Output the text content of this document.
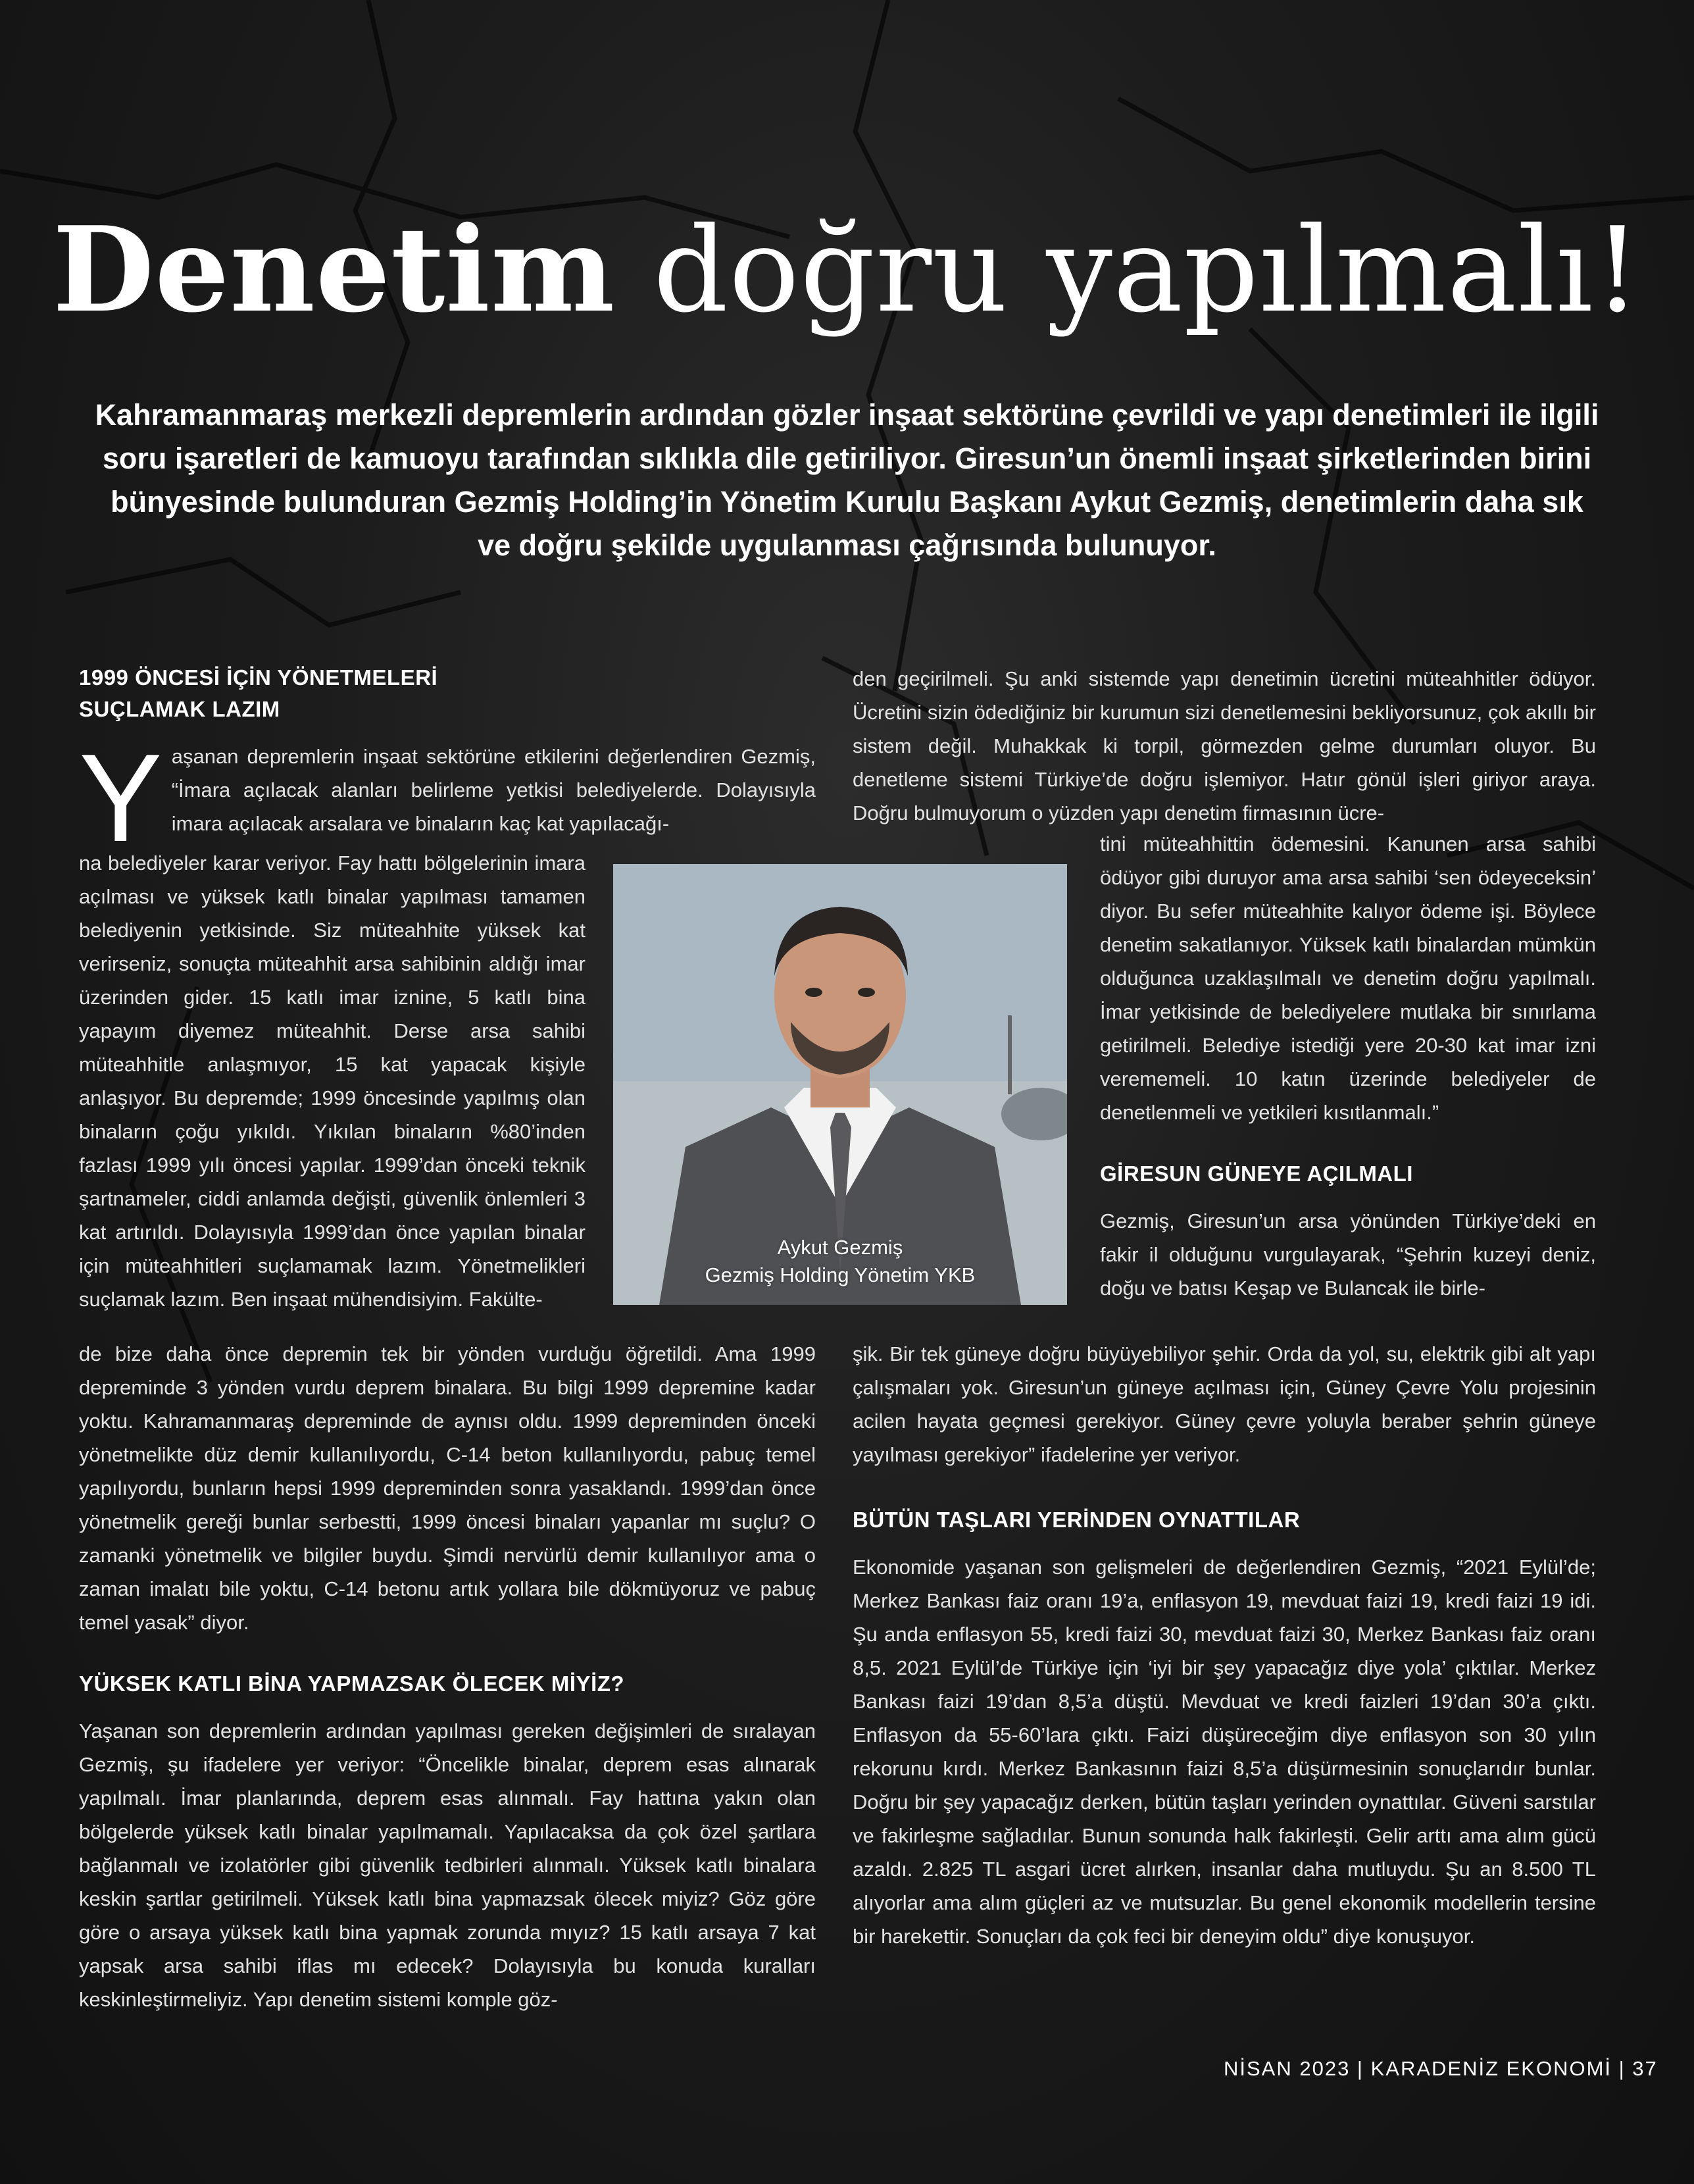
Denetim doğru yapılmalı!
Kahramanmaraş merkezli depremlerin ardından gözler inşaat sektörüne çevrildi ve yapı denetimleri ile ilgili soru işaretleri de kamuoyu tarafından sıklıkla dile getiriliyor. Giresun’un önemli inşaat şirketlerinden birini bünyesinde bulunduran Gezmiş Holding’in Yönetim Kurulu Başkanı Aykut Gezmiş, denetimlerin daha sık ve doğru şekilde uygulanması çağrısında bulunuyor.

1999 ÖNCESİ İÇİN YÖNETMELERİ

SUÇLAMAK LAZIM

Y aşanan depremlerin inşaat sektörüne etkilerini değerlendiren Gezmiş, “İmara açılacak alanları belirleme yetkisi belediyelerde. Dolayısıyla imara açılacak arsalara ve binaların kaç kat yapılacağı-

na belediyeler karar veriyor. Fay hattı bölgelerinin imara açılması ve yüksek katlı binalar yapılması tamamen belediyenin yetkisinde. Siz müteahhite yüksek kat verirseniz, sonuçta müteahhit arsa sahibinin aldığı imar üzerinden gider. 15 katlı imar iznine, 5 katlı bina yapayım diyemez müteahhit. Derse arsa sahibi müteahhitle anlaşmıyor, 15 kat yapacak kişiyle anlaşıyor. Bu depremde; 1999 öncesinde yapılmış olan binaların çoğu yıkıldı. Yıkılan binaların %80’inden fazlası 1999 yılı öncesi yapılar. 1999’dan önceki teknik şartnameler, ciddi anlamda değişti, güvenlik önlemleri 3 kat artırıldı. Dolayısıyla 1999’dan önce yapılan binalar için müteahhitleri suçlamamak lazım. Yönetmelikleri suçlamak lazım. Ben inşaat mühendisiyim. Fakülte-

de bize daha önce depremin tek bir yönden vurduğu öğretildi. Ama 1999 depreminde 3 yönden vurdu deprem binalara. Bu bilgi 1999 depremine kadar yoktu. Kahramanmaraş depreminde de aynısı oldu. 1999 depreminden önceki yönetmelikte düz demir kullanılıyordu, C-14 beton kullanılıyordu, pabuç temel yapılıyordu, bunların hepsi 1999 depreminden sonra yasaklandı. 1999’dan önce yönetmelik gereği bunlar serbestti, 1999 öncesi binaları yapanlar mı suçlu? O zamanki yönetmelik ve bilgiler buydu. Şimdi nervürlü demir kullanılıyor ama o zaman imalatı bile yoktu, C-14 betonu artık yollara bile dökmüyoruz ve pabuç temel yasak” diyor.

YÜKSEK KATLI BİNA YAPMAZSAK ÖLECEK MİYİZ?

Yaşanan son depremlerin ardından yapılması gereken değişimleri de sıralayan Gezmiş, şu ifadelere yer veriyor: “Öncelikle binalar, deprem esas alınarak yapılmalı. İmar planlarında, deprem esas alınmalı. Fay hattına yakın olan bölgelerde yüksek katlı binalar yapılmamalı. Yapılacaksa da çok özel şartlara bağlanmalı ve izolatörler gibi güvenlik tedbirleri alınmalı. Yüksek katlı binalara keskin şartlar getirilmeli. Yüksek katlı bina yapmazsak ölecek miyiz? Göz göre göre o arsaya yüksek katlı bina yapmak zorunda mıyız? 15 katlı arsaya 7 kat yapsak arsa sahibi iflas mı edecek? Dolayısıyla bu konuda kuralları keskinleştirmeliyiz. Yapı denetim sistemi komple göz-

den geçirilmeli. Şu anki sistemde yapı denetimin ücretini müteahhitler ödüyor. Ücretini sizin ödediğiniz bir kurumun sizi denetlemesini bekliyorsunuz, çok akıllı bir sistem değil. Muhakkak ki torpil, görmezden gelme durumları oluyor. Bu denetleme sistemi Türkiye’de doğru işlemiyor. Hatır gönül işleri giriyor araya. Doğru bulmuyorum o yüzden yapı denetim firmasının ücre-

tini müteahhittin ödemesini. Kanunen arsa sahibi ödüyor gibi duruyor ama arsa sahibi ‘sen ödeyeceksin’ diyor. Bu sefer müteahhite kalıyor ödeme işi. Böylece denetim sakatlanıyor. Yüksek katlı binalardan mümkün olduğunca uzaklaşılmalı ve denetim doğru yapılmalı. İmar yetkisinde de belediyelere mutlaka bir sınırlama getirilmeli. Belediye istediği yere 20-30 kat imar izni verememeli. 10 katın üzerinde belediyeler de denetlenmeli ve yetkileri kısıtlanmalı.”

GİRESUN GÜNEYE AÇILMALI

Gezmiş, Giresun’un arsa yönünden Türkiye’deki en fakir il olduğunu vurgulayarak, “Şehrin kuzeyi deniz, doğu ve batısı Keşap ve Bulancak ile birle-

şik. Bir tek güneye doğru büyüyebiliyor şehir. Orda da yol, su, elektrik gibi alt yapı çalışmaları yok. Giresun’un güneye açılması için, Güney Çevre Yolu projesinin acilen hayata geçmesi gerekiyor. Güney çevre yoluyla beraber şehrin güneye yayılması gerekiyor” ifadelerine yer veriyor.

BÜTÜN TAŞLARI YERİNDEN OYNATTILAR

Ekonomide yaşanan son gelişmeleri de değerlendiren Gezmiş, “2021 Eylül’de; Merkez Bankası faiz oranı 19’a, enflasyon 19, mevduat faizi 19, kredi faizi 19 idi. Şu anda enflasyon 55, kredi faizi 30, mevduat faizi 30, Merkez Bankası faiz oranı 8,5. 2021 Eylül’de Türkiye için ‘iyi bir şey yapacağız diye yola’ çıktılar. Merkez Bankası faizi 19’dan 8,5’a düştü. Mevduat ve kredi faizleri 19’dan 30’a çıktı. Enflasyon da 55-60’lara çıktı. Faizi düşüreceğim diye enflasyon son 30 yılın rekorunu kırdı. Merkez Bankasının faizi 8,5’a düşürmesinin sonuçlarıdır bunlar. Doğru bir şey yapacağız derken, bütün taşları yerinden oynattılar. Güveni sarstılar ve fakirleşme sağladılar. Bunun sonunda halk fakirleşti. Gelir arttı ama alım gücü azaldı. 2.825 TL asgari ücret alırken, insanlar daha mutluydu. Şu an 8.500 TL alıyorlar ama alım güçleri az ve mutsuzlar. Bu genel ekonomik modellerin tersine bir harekettir. Sonuçları da çok feci bir deneyim oldu” diye konuşuyor.

Aykut Gezmiş
Gezmiş Holding Yönetim YKB
NİSAN 2023 | KARADENİZ EKONOMİ | 37
